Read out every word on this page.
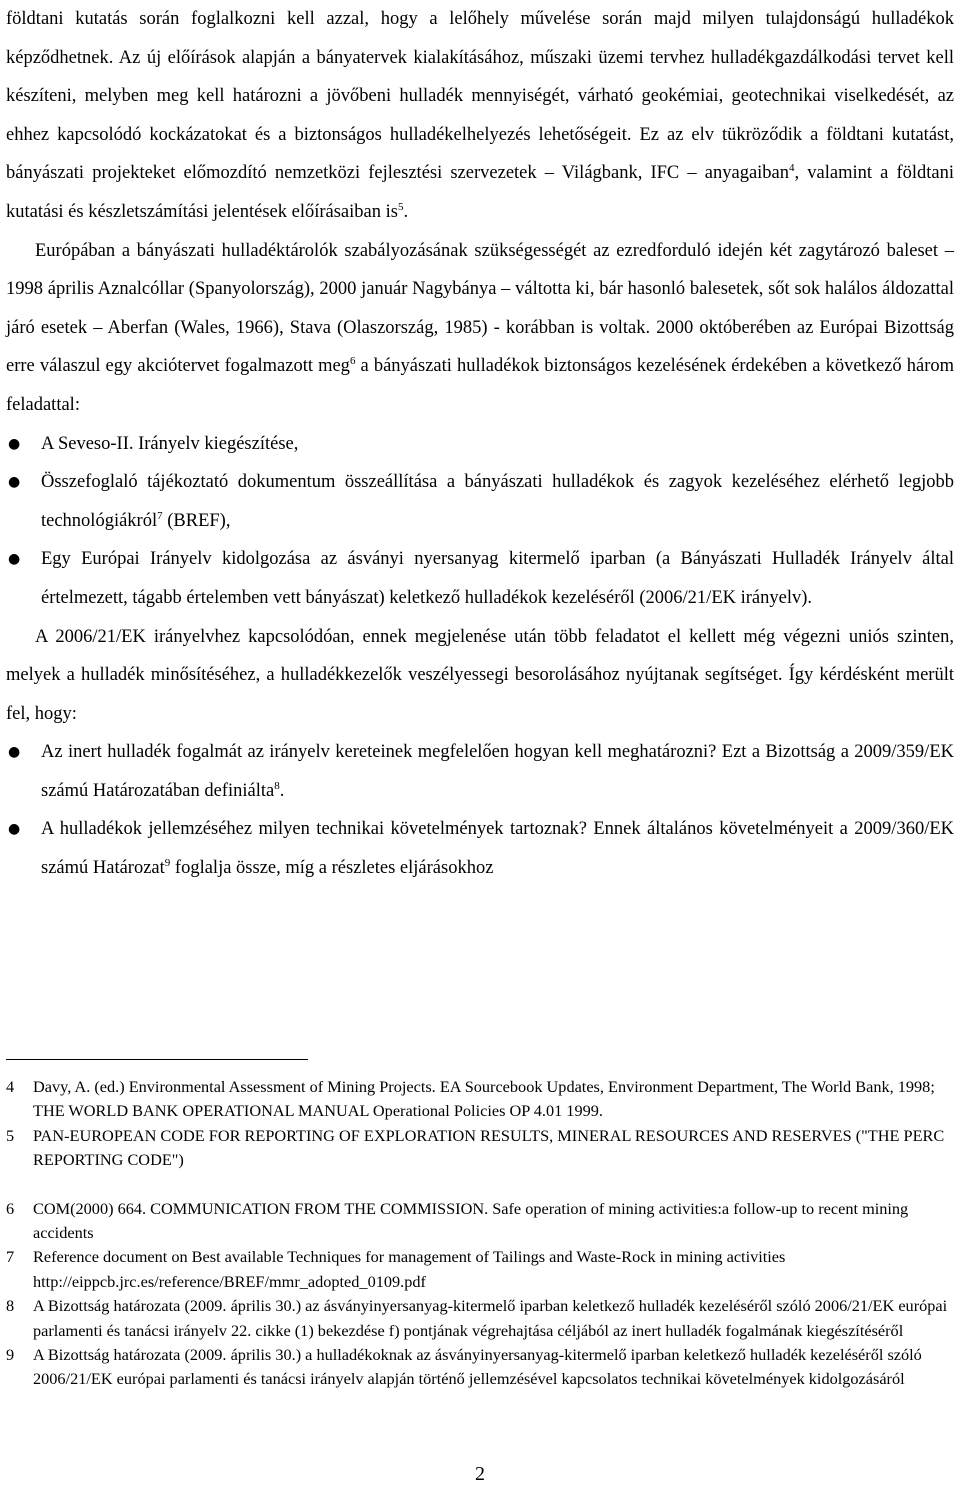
földtani kutatás során foglalkozni kell azzal, hogy a lelőhely művelése során majd milyen tulajdonságú hulladékok képződhetnek. Az új előírások alapján a bányatervek kialakításához, műszaki üzemi tervhez hulladékgazdálkodási tervet kell készíteni, melyben meg kell határozni a jövőbeni hulladék mennyiségét, várható geokémiai, geotechnikai viselkedését, az ehhez kapcsolódó kockázatokat és a biztonságos hulladékelhelyezés lehetőségeit. Ez az elv tükröződik a földtani kutatást, bányászati projekteket előmozdító nemzetközi fejlesztési szervezetek – Világbank, IFC – anyagaiban$^4$, valamint a földtani kutatási és készletszámítási jelentések előírásaiban $is^5$.

Európában a bányászati hulladéktárolók szabályozásának szükségességét az ezredforduló idején két zagytározó baleset – 1998 április Aznalcóllar (Spanyolország), 2000 január Nagybánya – váltotta ki, bár hasonló balesetek, sőt sok halálos áldozattal járó esetek – Aberfan (Wales, 1966), Stava (Olaszország, 1985) - korábban is voltak. 2000 októberében az Európai Bizottság erre válaszul egy akciótervet fogalmazott meg$^6$ a bányászati hulladékok biztonságos kezelésének érdekében a következő három feladattal:

● A Seveso-II. Irányelv kiegészítése,
● Összefoglaló tájékoztató dokumentum összeállítása a bányászati hulladékok és zagyok kezeléséhez elérhető legjobb technológiákról$^7$ (BREF),
● Egy Európai Irányelv kidolgozása az ásványi nyersanyag kitermelő iparban (a Bányászati Hulladék Irányelv által értelmezett, tágabb értelemben vett bányászat) keletkező hulladékok kezeléséről (2006/21/EK irányelv).

A 2006/21/EK irányelvhez kapcsolódóan, ennek megjelenése után több feladatot el kellett még végezni uniós szinten, melyek a hulladék minősítéséhez, a hulladékkezelők veszélyessegi besorolásához nyújtanak segítséget. Így kérdésként merült fel, hogy:

● Az inert hulladék fogalmát az irányelv kereteinek megfelelően hogyan kell meghatározni? Ezt a Bizottság a 2009/359/EK számú Határozatában definiálta$^8$.
● A hulladékok jellemzéséhez milyen technikai követelmények tartoznak? Ennek általános követelményeit a 2009/360/EK számú Határozat$^9$ foglalja össze, míg a részletes eljárásokhoz
4	Davy, A. (ed.) Environmental Assessment of Mining Projects. EA Sourcebook Updates, Environment Department, The World Bank, 1998; THE WORLD BANK OPERATIONAL MANUAL Operational Policies OP 4.01 1999.
5	PAN-EUROPEAN CODE FOR REPORTING OF EXPLORATION RESULTS, MINERAL RESOURCES AND RESERVES ("THE PERC REPORTING CODE")
6	COM(2000) 664. COMMUNICATION FROM THE COMMISSION. Safe operation of mining activities:a follow-up to recent mining accidents
7	Reference document on Best available Techniques for management of Tailings and Waste-Rock in mining activities http://eippcb.jrc.es/reference/BREF/mmr_adopted_0109.pdf
8	A Bizottság határozata (2009. április 30.) az ásványinyersanyag-kitermelő iparban keletkező hulladék kezeléséről szóló 2006/21/EK európai parlamenti és tanácsi irányelv 22. cikke (1) bekezdése f) pontjának végrehajtása céljából az inert hulladék fogalmának kiegészítéséről
9	A Bizottság határozata (2009. április 30.) a hulladékoknak az ásványinyersanyag-kitermelő iparban keletkező hulladék kezeléséről szóló 2006/21/EK európai parlamenti és tanácsi irányelv alapján történő jellemzésével kapcsolatos technikai követelmények kidolgozásáról
2
